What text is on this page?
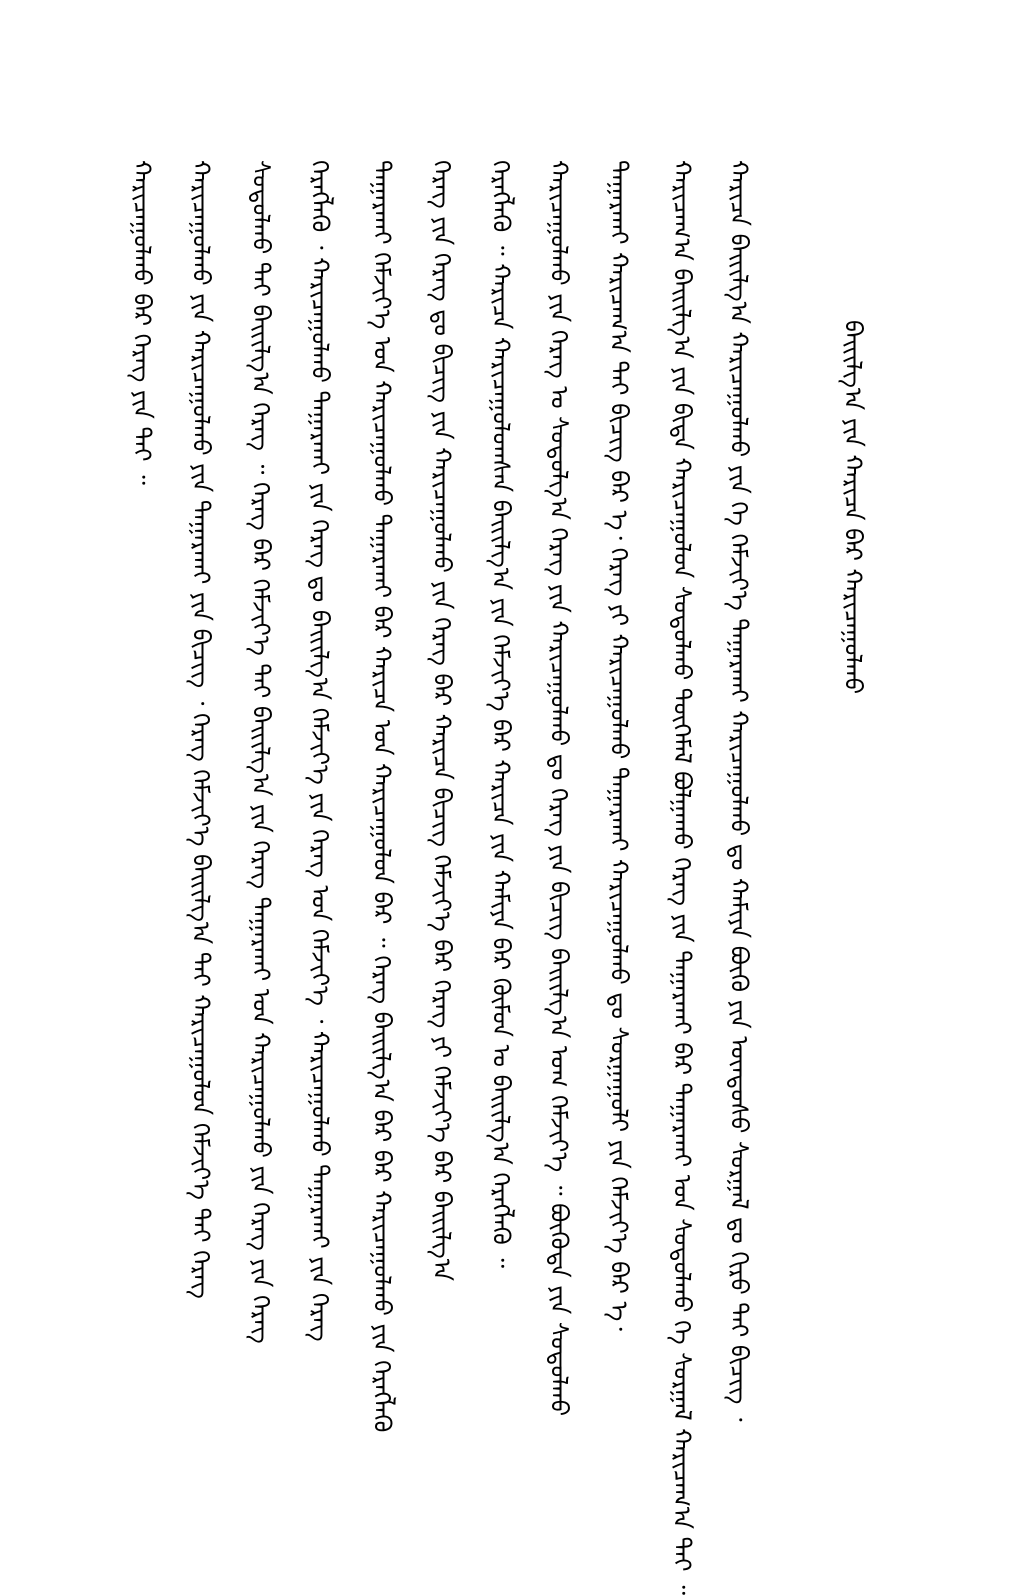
ᠪᠠᠢᠢᠯᠭ᠎ᠠ ᠶᠢᠨ ᠬᠠᠷᠢᠴᠠ ᠪᠠᠷ ᠬᠠᠷᠢᠴᠠᠭᠤᠯᠬᠤ
ᠬᠠᠷᠢᠴᠠ ᠪᠠᠢᠢᠯᠭ᠎ᠠ ᠬᠠᠷᠢᠴᠠᠭᠤᠯᠬᠤ ᠶᠢᠨ ᠬᠡ ᠬᠡᠮᠵᠢᠶ᠎ᠡ ᠳᠠᠭᠠᠷᠬᠠᠢ ᠬᠠᠷᠢᠴᠠᠭᠤᠯᠬᠤ ᠳᠤ ᠬᠠᠮᠢᠶᠠ ᠪᠦᠬᠦ ᠶᠢᠨ ᠦᠨᠳᠦᠰᠦ ᠰᠤᠷᠭᠠᠯ ᠳᠤ ᠬᠢᠷᠤ ᠲᠠᠢ ᠪᠢᠴᠢᠭ ᠂
ᠬᠠᠷᠢᠴᠠᠭ᠎ᠠ ᠪᠠᠢᠢᠯᠭ᠎ᠠ ᠶᠢᠨ ᠪᠢᠳᠡ ᠬᠠᠷᠢᠴᠠᠭᠤᠯᠤᠨ ᠰᠤᠳᠤᠯᠬᠤ ᠲᠦᠭᠡᠮᠡᠯ ᠪᠤᠯᠭᠠᠬᠤ ᠬᠡᠷᠡᠭ ᠶᠢᠨ ᠳᠠᠭᠠᠷᠬᠠᠢ ᠪᠡᠷ ᠳᠠᠭᠠᠷᠬᠠᠢ ᠤᠨ ᠰᠤᠳᠤᠯᠬᠤ ᠬᠡ ᠰᠤᠷᠭᠠᠯ ᠬᠠᠷᠢᠴᠠᠭ᠎ᠠ ᠲᠠᠢ ᠃
ᠳᠠᠭᠠᠷᠬᠠᠢ ᠬᠠᠷᠢᠴᠠᠭ᠎ᠠ ᠲᠠᠢ ᠪᠢᠴᠢᠭ ᠪᠡᠷ ᠡ᠂ ᠬᠡᠷᠡᠭ ᠶᠢ ᠬᠠᠷᠢᠴᠠᠭᠤᠯᠬᠤ ᠳᠠᠭᠠᠷᠬᠠᠢ ᠬᠠᠷᠢᠴᠠᠭᠤᠯᠬᠤ ᠳᠤ ᠰᠤᠷᠭᠠᠭᠤᠯᠢ ᠶᠢᠨ ᠬᠡᠮᠵᠢᠶ᠎ᠡ ᠪᠡᠷ ᠡ᠂
ᠬᠠᠷᠢᠴᠠᠭᠤᠯᠬᠤ ᠶᠢᠨ ᠬᠡᠷᠡᠭ ᠤ ᠰᠤᠳᠤᠯᠭ᠎ᠠ ᠬᠡᠷᠡᠭ ᠶᠢᠨ ᠬᠠᠷᠢᠴᠠᠭᠤᠯᠬᠤ ᠳᠤ ᠬᠡᠷᠡᠭ ᠶᠢᠨ ᠪᠢᠴᠢᠭ ᠪᠠᠢᠢᠯᠭ᠎ᠠ ᠤᠭ ᠬᠡᠮᠵᠢᠶ᠎ᠡ ᠃ ᠪᠦᠭᠦᠳᠡ ᠶᠢᠨ ᠰᠤᠳᠤᠯᠬᠤ
ᠬᠡᠷᠡᠭᠯᠡᠬᠦ ᠃ ᠬᠠᠷᠢᠴᠠ ᠬᠠᠷᠢᠴᠠᠭᠤᠯᠤᠭᠰᠠᠨ ᠪᠠᠢᠢᠯᠭ᠎ᠠ ᠶᠢᠨ ᠬᠡᠮᠵᠢᠶ᠎ᠡ ᠪᠠᠷ ᠬᠠᠷᠢᠴᠠ ᠶᠢᠨ ᠬᠠᠮᠢᠶᠠ ᠪᠠᠷ ᠬᠦᠮᠦᠨ ᠤ ᠪᠠᠢᠢᠯᠭ᠎ᠠ ᠬᠡᠷᠡᠭᠯᠡᠬᠦ ᠃
ᠬᠡᠷᠡᠭ ᠶᠢᠨ ᠬᠡᠷᠡᠭ ᠳᠤ ᠪᠢᠴᠢᠭ ᠶᠢᠨ ᠬᠠᠷᠢᠴᠠᠭᠤᠯᠬᠤ ᠶᠢᠨ ᠬᠡᠷᠡᠭ ᠪᠠᠷ ᠬᠠᠷᠢᠴᠠ ᠪᠢᠴᠢᠭ ᠬᠡᠮᠵᠢᠶ᠎ᠡ ᠪᠠᠷ ᠬᠡᠷᠡᠭ ᠶᠢ ᠬᠡᠮᠵᠢᠶ᠎ᠡ ᠪᠡᠷ ᠪᠠᠢᠢᠯᠭ᠎ᠠ
ᠳᠠᠭᠠᠷᠬᠠᠢ ᠬᠡᠮᠵᠢᠶ᠎ᠡ ᠤᠨ ᠬᠠᠷᠢᠴᠠᠭᠤᠯᠬᠤ ᠳᠠᠭᠠᠷᠬᠠᠢ ᠪᠡᠷ ᠬᠠᠷᠢᠴᠠ ᠤᠨ ᠬᠠᠷᠢᠴᠠᠭᠤᠯᠤᠨ ᠪᠡᠷ ᠃ ᠬᠡᠷᠡᠭ ᠪᠠᠢᠢᠯᠭ᠎ᠠ ᠪᠠᠷ ᠪᠡᠷ ᠬᠠᠷᠢᠴᠠᠭᠤᠯᠬᠤ ᠶᠢᠨ ᠬᠡᠷᠡᠭᠯᠡᠬᠦ
ᠬᠡᠷᠡᠭᠯᠡᠬᠦ ᠂ ᠬᠠᠷᠢᠴᠠᠭᠤᠯᠬᠤ ᠳᠠᠭᠠᠷᠬᠠᠢ ᠶᠢᠨ ᠬᠡᠷᠡᠭ ᠳᠤ ᠪᠠᠢᠢᠯᠭ᠎ᠠ ᠬᠡᠮᠵᠢᠶ᠎ᠡ ᠶᠢᠨ ᠬᠡᠷᠡᠭ ᠤᠨ ᠬᠡᠮᠵᠢᠶ᠎ᠡ ᠂ ᠬᠠᠷᠢᠴᠠᠭᠤᠯᠬᠤ ᠳᠠᠭᠠᠷᠬᠠᠢ ᠶᠢᠨ ᠬᠡᠷᠡᠭ
ᠰᠤᠳᠤᠯᠬᠤ ᠲᠠᠢ ᠪᠠᠢᠢᠯᠭ᠎ᠠ ᠬᠡᠷᠡᠭ ᠃ ᠬᠡᠷᠡᠭ ᠪᠡᠷ ᠬᠡᠮᠵᠢᠶ᠎ᠡ ᠲᠠᠢ ᠪᠠᠢᠢᠯᠭ᠎ᠠ ᠶᠢᠨ ᠬᠡᠷᠡᠭ ᠳᠠᠭᠠᠷᠬᠠᠢ ᠤᠨ ᠬᠠᠷᠢᠴᠠᠭᠤᠯᠬᠤ ᠶᠢᠨ ᠬᠡᠷᠡᠭ ᠶᠢᠨ ᠬᠡᠷᠡᠭ
ᠬᠠᠷᠢᠴᠠᠭᠤᠯᠬᠤ ᠶᠢᠨ ᠬᠠᠷᠢᠴᠠᠭᠤᠯᠬᠤ ᠶᠢᠨ ᠳᠠᠭᠠᠷᠬᠠᠢ ᠶᠢᠨ ᠪᠢᠴᠢᠭ ᠂ ᠬᠡᠷᠡᠭ ᠬᠡᠮᠵᠢᠶ᠎ᠡ ᠪᠠᠢᠢᠯᠭ᠎ᠠ ᠲᠠᠢ ᠬᠠᠷᠢᠴᠠᠭᠤᠯᠤᠨ ᠬᠡᠮᠵᠢᠶ᠎ᠡ ᠲᠠᠢ ᠬᠡᠷᠡᠭ
ᠬᠠᠷᠢᠴᠠᠭᠤᠯᠬᠤ ᠪᠡᠷ ᠬᠡᠷᠡᠭ ᠶᠢᠨ ᠲᠠᠢ ᠃
